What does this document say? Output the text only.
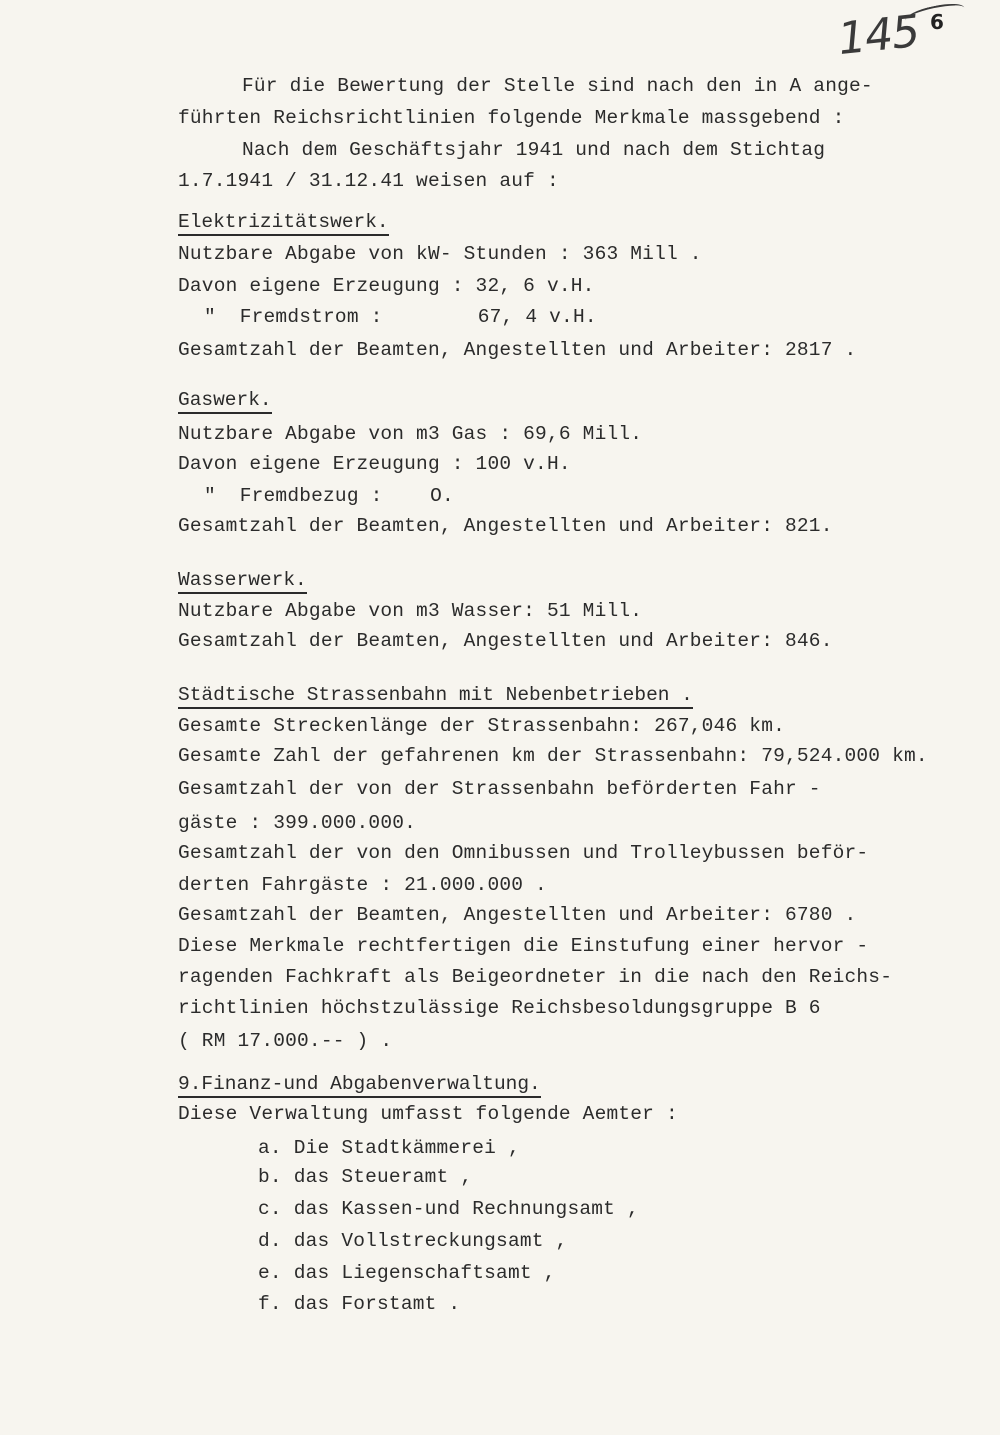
145 6
Für die Bewertung der Stelle sind nach den in A ange-
führten Reichsrichtlinien folgende Merkmale massgebend :
Nach dem Geschäftsjahr 1941 und nach dem Stichtag
1.7.1941 / 31.12.41 weisen auf :
Elektrizitätswerk.
Nutzbare Abgabe von kW- Stunden : 363 Mill .
Davon eigene Erzeugung : 32, 6 v.H.
"  Fremdstrom :        67, 4 v.H.
Gesamtzahl der Beamten, Angestellten und Arbeiter: 2817 .
Gaswerk.
Nutzbare Abgabe von m3 Gas : 69,6 Mill.
Davon eigene Erzeugung : 100 v.H.
"  Fremdbezug :    O.
Gesamtzahl der Beamten, Angestellten und Arbeiter: 821.
Wasserwerk.
Nutzbare Abgabe von m3 Wasser: 51 Mill.
Gesamtzahl der Beamten, Angestellten und Arbeiter: 846.
Städtische Strassenbahn mit Nebenbetrieben .
Gesamte Streckenlänge der Strassenbahn: 267,046 km.
Gesamte Zahl der gefahrenen km der Strassenbahn: 79,524.000 km.
Gesamtzahl der von der Strassenbahn beförderten Fahr -
gäste : 399.000.000.
Gesamtzahl der von den Omnibussen und Trolleybussen beför-
derten Fahrgäste : 21.000.000 .
Gesamtzahl der Beamten, Angestellten und Arbeiter: 6780 .
Diese Merkmale rechtfertigen die Einstufung einer hervor -
ragenden Fachkraft als Beigeordneter in die nach den Reichs-
richtlinien höchstzulässige Reichsbesoldungsgruppe B 6
( RM 17.000.-- ) .
9.Finanz-und Abgabenverwaltung.
Diese Verwaltung umfasst folgende Aemter :
a. Die Stadtkämmerei ,
b. das Steueramt ,
c. das Kassen-und Rechnungsamt ,
d. das Vollstreckungsamt ,
e. das Liegenschaftsamt ,
f. das Forstamt .
